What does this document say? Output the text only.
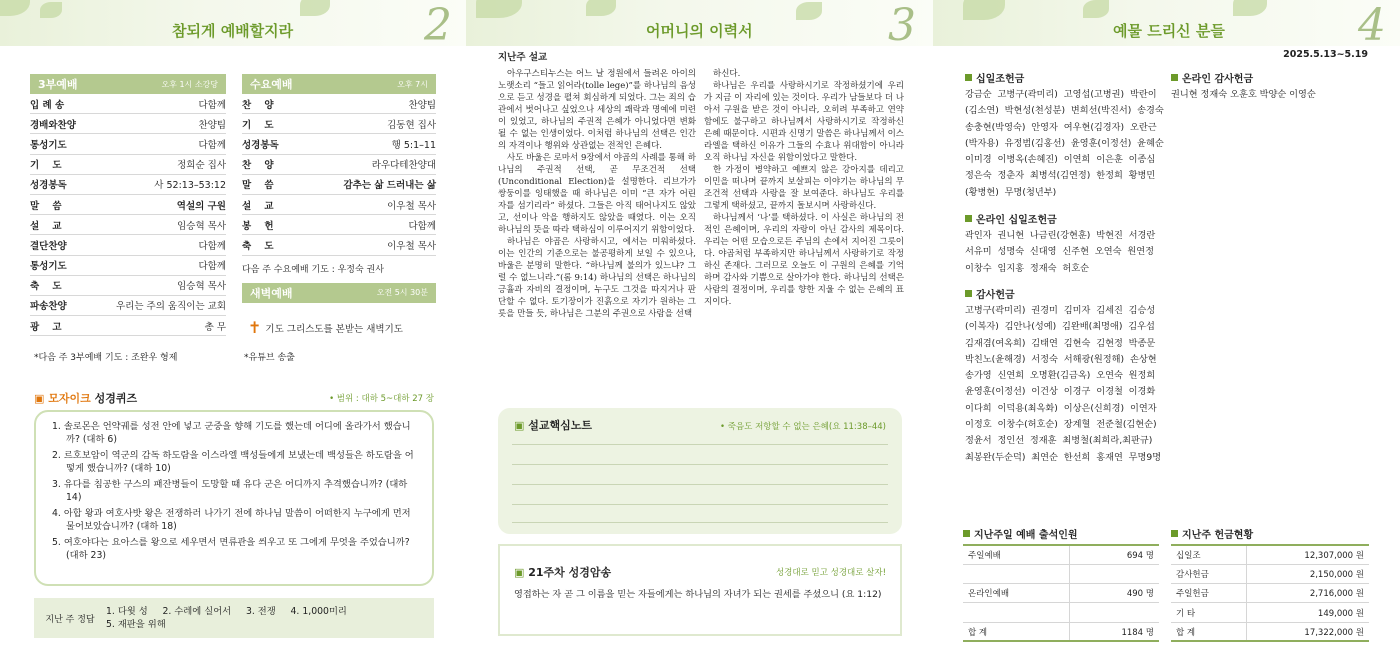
참되게 예배할지라	2
3부예배	오후 1시 소강당
입 례 송	다함께
경배와찬양	찬양팀
통성기도	다함께
기    도	정희순 집사
성경봉독	사 52:13–53:12
말    씀	역설의 구원
설    교	임승혁 목사
결단찬양	다함께
통성기도	다함께
축    도	임승혁 목사
파송찬양	우리는 주의 움직이는 교회
광    고	총 무
*다음 주 3부예배 기도 : 조완우 형제
수요예배	오후 7시
찬    양	찬양팀
기    도	김동현 집사
성경봉독	행 5:1–11
찬    양	라우다테찬양대
말    씀	감추는 삶 드러내는 삶
설    교	이우철 목사
봉    헌	다함께
축    도	이우철 목사
다음 주 수요예배 기도 : 우정숙 권사
새벽예배	오전 5시 30분
✝ 기도 그리스도를 본받는 새벽기도
*유튜브 송출
▣ 모자이크 성경퀴즈	• 범위 : 대하 5~대하 27 장
1. 솔로몬은 언약궤를 성전 안에 넣고 군중을 향해 기도를 했는데 어디에 올라가서 했습니까? (대하 6)
2. 르호보암이 역군의 감독 하도람을 이스라엘 백성들에게 보냈는데 백성들은 하도람을 어떻게 했습니까? (대하 10)
3. 유다를 침공한 구스의 패잔병들이 도망할 때 유다 군은 어디까지 추격했습니까? (대하 14)
4. 아합 왕과 여호사밧 왕은 전쟁하러 나가기 전에 하나님 말씀이 어떠한지 누구에게 먼저 물어보았습니까? (대하 18)
5. 여호야다는 요아스를 왕으로 세우면서 면류관을 씌우고 또 그에게 무엇을 주었습니까? (대하 23)
지난 주 정답
1. 다윗 성     2. 수레에 실어서     3. 전쟁     4. 1,000미리
5. 재판을 위해
어머니의 이력서	3
지난주 설교

아우구스티누스는 어느 날 정원에서 들려온 아이의 노랫소리 “들고 읽어라(tolle lege)”를 하나님의 음성으로 듣고 성경을 펼쳐 회심하게 되었다. 그는 죄의 습관에서 벗어나고 싶었으나 세상의 쾌락과 명예에 미련이 있었고, 하나님의 주권적 은혜가 아니었다면 변화될 수 없는 인생이었다. 이처럼 하나님의 선택은 인간의 자격이나 행위와 상관없는 전적인 은혜다.

사도 바울은 로마서 9장에서 야곱의 사례를 통해 하나님의 주권적 선택, 곧 무조건적 선택(Unconditional Election)을 설명한다. 리브가가 쌍둥이를 잉태했을 때 하나님은 이미 “큰 자가 어린 자를 섬기리라” 하셨다. 그들은 아직 태어나지도 않았고, 선이나 악을 행하지도 않았을 때였다. 이는 오직 하나님의 뜻을 따라 택하심이 이루어지기 위함이었다.

하나님은 야곱은 사랑하시고, 에서는 미워하셨다. 이는 인간의 기준으로는 불공평하게 보일 수 있으나, 바울은 분명히 말한다. “하나님께 불의가 있느냐? 그럴 수 없느니라.”(롬 9:14) 하나님의 선택은 하나님의 긍휼과 자비의 결정이며, 누구도 그것을 따지거나 판단할 수 없다. 토기장이가 진흙으로 자기가 원하는 그릇을 만들 듯, 하나님은 그분의 주권으로 사람을 선택

하신다.

하나님은 우리를 사랑하시기로 작정하셨기에 우리가 지금 이 자리에 있는 것이다. 우리가 남들보다 더 나아서 구원을 받은 것이 아니라, 오히려 부족하고 연약함에도 불구하고 하나님께서 사랑하시기로 작정하신 은혜 때문이다. 시편과 신명기 말씀은 하나님께서 이스라엘을 택하신 이유가 그들의 수효나 위대함이 아니라 오직 하나님 자신을 위함이었다고 말한다.

한 가정이 병약하고 예쁘지 않은 강아지를 데리고 이민을 떠나며 끝까지 보살피는 이야기는 하나님의 무조건적 선택과 사랑을 잘 보여준다. 하나님도 우리를 그렇게 택하셨고, 끝까지 돌보시며 사랑하신다.

하나님께서 ‘나’를 택하셨다. 이 사실은 하나님의 전적인 은혜이며, 우리의 자랑이 아닌 감사의 제목이다. 우리는 어떤 모습으로든 주님의 손에서 지어진 그릇이다. 야곱처럼 부족하지만 하나님께서 사랑하기로 작정하신 존재다. 그러므로 오늘도 이 구원의 은혜를 기억하며 감사와 기쁨으로 살아가야 한다. 하나님의 선택은 사람의 결정이며, 우리를 향한 지울 수 없는 은혜의 표지이다.

▣ 설교핵심노트	• 죽음도 저항할 수 없는 은혜(요 11:38–44)
▣ 21주차 성경암송	성경대로 믿고 성경대로 살자!
영접하는 자 곧 그 이름을 믿는 자들에게는 하나님의 자녀가 되는 권세를 주셨으니 (요 1:12)
예물 드리신 분들	4
2025.5.13~5.19
십일조헌금
강금순  고병구(곽미리)  고영섭(고병권)  박란이
(김소연)  박현성(천성분)  변희선(박진서)  송경숙
송충현(박영숙)  안영자  여우현(김경자)  오란근
(박자용)  유정범(김홍선)  윤영훈(이정선)  윤혜순
이미경  이병옥(손혜진)  이연희  이은훈  이종심
정은숙  정춘자  최병석(김연정)  한정희  황병민
(황병현)  무명(청년부)
온라인 십일조헌금
곽인자  권니현  나금린(강현훈)  박현진  서경란
서유미  성명숙  신대영  신주현  오연숙  원연정
이창수  임지홍  정재숙  허호순
감사헌금
고병구(곽미리)  권경미  김미자  김세진  김승성
(이복자)  김안나(성예)  김완배(최명애)  김우섭
김재겸(여옥희)  김태연  김현숙  김현정  박종문
박친노(윤해경)  서정숙  서해광(원정해)  손상현
송가영  신연희  오명환(김금옥)  오연숙  원정희
윤영훈(이정선)  이건상  이경구  이경철  이경화
이다희  이덕용(최옥화)  이상은(신희경)  이연자
이정호  이창수(허호순)  장계혈  전준철(김현순)
정윤서  정인선  정재훈  최병철(최희라,최판규)
최봉완(두순덕)  최연순  한선희  홍재연  무명9명
온라인 감사헌금
권니현 정재숙 오훈호 박양순 이영순
지난주일 예배 출석인원
주일예배	694 명

온라인예배	490 명

합 계	1184 명
지난주 헌금현황
십일조	12,307,000 원
감사헌금	2,150,000 원
주일헌금	2,716,000 원
기 타	149,000 원
합 계	17,322,000 원
